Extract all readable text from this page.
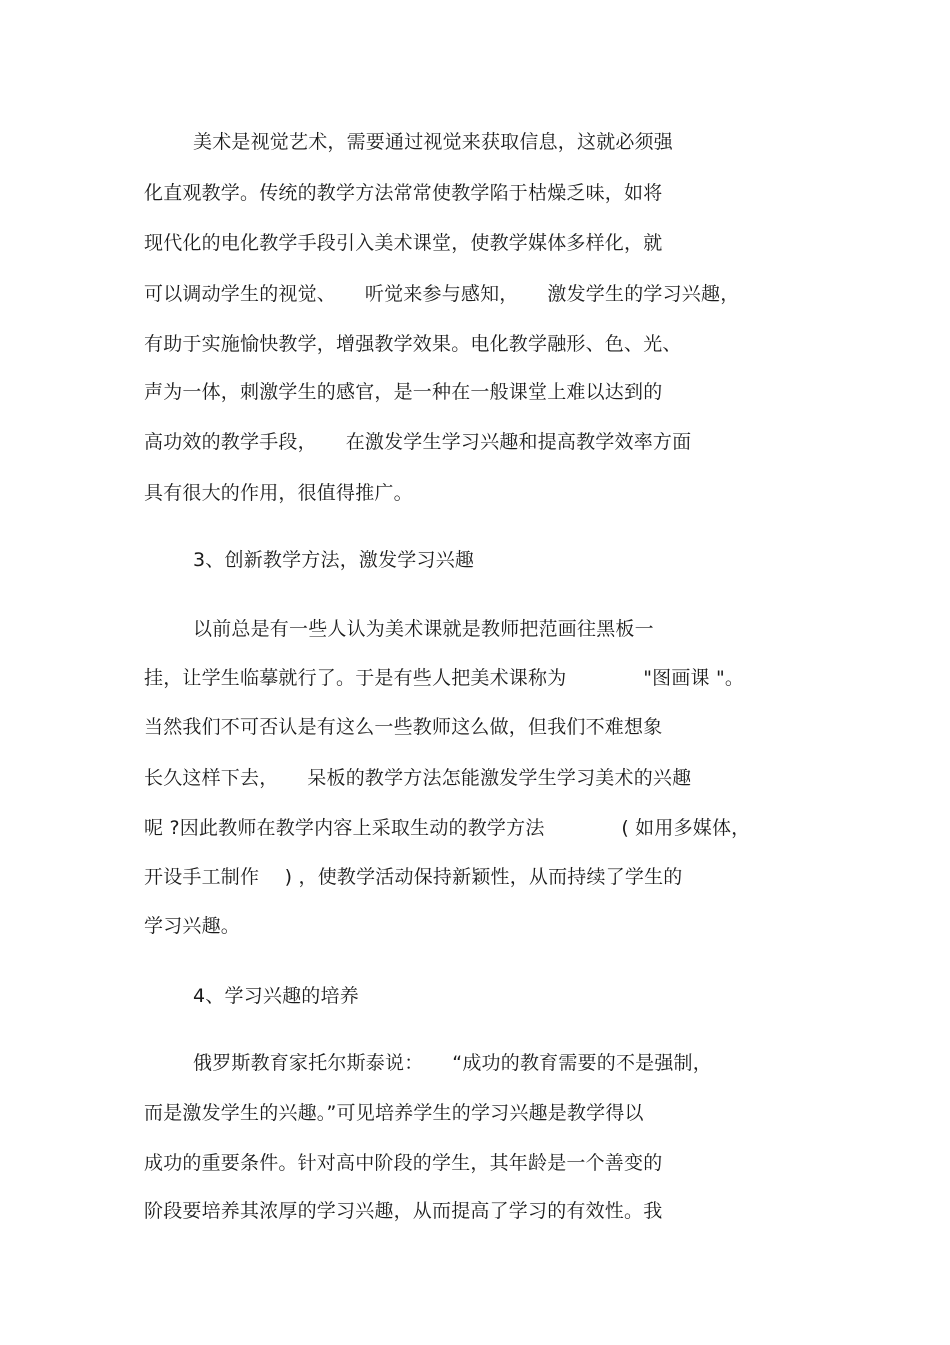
美术是视觉艺术，需要通过视觉来获取信息，这就必须强
化直观教学。传统的教学方法常常使教学陷于枯燥乏味，如将
现代化的电化教学手段引入美术课堂，使教学媒体多样化，就
可以调动学生的视觉、　　听觉来参与感知，　　激发学生的学习兴趣，
有助于实施愉快教学，增强教学效果。电化教学融形、色、光、
声为一体，刺激学生的感官，是一种在一般课堂上难以达到的
高功效的教学手段，　　在激发学生学习兴趣和提高教学效率方面
具有很大的作用，很值得推广。
3、创新教学方法，激发学习兴趣
以前总是有一些人认为美术课就是教师把范画往黑板一
挂，让学生临摹就行了。于是有些人把美术课称为　　　　"图画课 "。
当然我们不可否认是有这么一些教师这么做，但我们不难想象
长久这样下去，　　呆板的教学方法怎能激发学生学习美术的兴趣
呢 ?因此教师在教学内容上采取生动的教学方法　　　　( 如用多媒体，
开设手工制作　 ) ，使教学活动保持新颖性，从而持续了学生的
学习兴趣。
4、学习兴趣的培养
俄罗斯教育家托尔斯泰说：　　“成功的教育需要的不是强制，
而是激发学生的兴趣。”可见培养学生的学习兴趣是教学得以
成功的重要条件。针对高中阶段的学生，其年龄是一个善变的
阶段要培养其浓厚的学习兴趣，从而提高了学习的有效性。我
